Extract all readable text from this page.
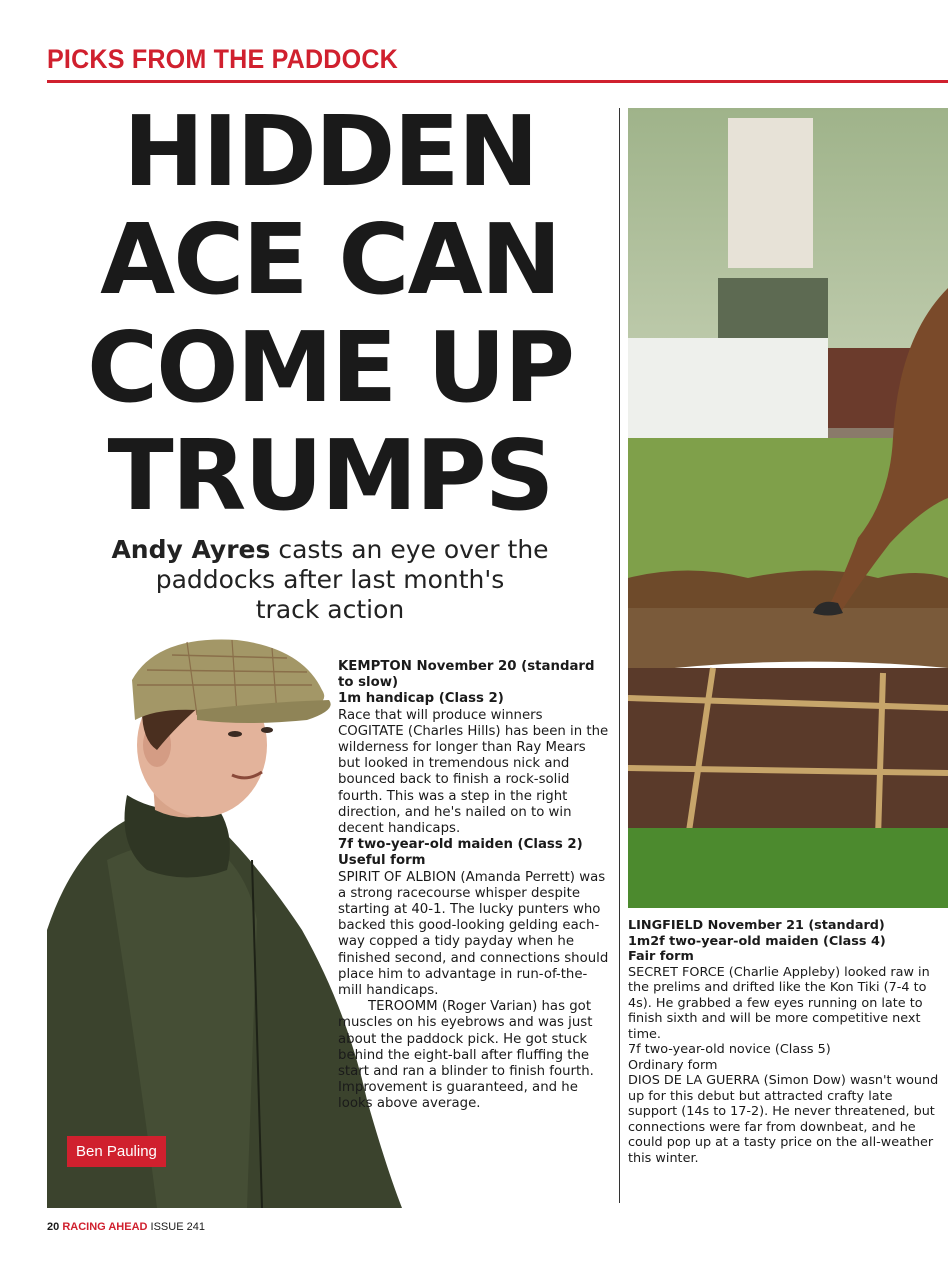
PICKS FROM THE PADDOCK
HIDDEN
ACE CAN
COME UP
TRUMPS
Andy Ayres casts an eye over the
paddocks after last month's
track action
Ben Pauling
KEMPTON November 20 (standard to slow)
1m handicap (Class 2)

Race that will produce winners

COGITATE (Charles Hills) has been in the wilderness for longer than Ray Mears but looked in tremendous nick and bounced back to finish a rock-solid fourth. This was a step in the right direction, and he's nailed on to win decent handicaps.

7f two-year-old maiden (Class 2)
Useful form

SPIRIT OF ALBION (Amanda Perrett) was a strong racecourse whisper despite starting at 40-1. The lucky punters who backed this good-looking gelding each-way copped a tidy payday when he finished second, and connections should place him to advantage in run-of-the-mill handicaps.

TEROOMM (Roger Varian) has got muscles on his eyebrows and was just about the paddock pick. He got stuck behind the eight-ball after fluffing the start and ran a blinder to finish fourth. Improvement is guaranteed, and he looks above average.

LINGFIELD November 21 (standard)
1m2f two-year-old maiden (Class 4)
Fair form

SECRET FORCE (Charlie Appleby) looked raw in the prelims and drifted like the Kon Tiki (7-4 to 4s). He grabbed a few eyes running on late to finish sixth and will be more competitive next time.

7f two-year-old novice (Class 5)

Ordinary form

DIOS DE LA GUERRA (Simon Dow) wasn't wound up for this debut but attracted crafty late support (14s to 17-2). He never threatened, but connections were far from downbeat, and he could pop up at a tasty price on the all-weather this winter.

20 RACING AHEAD ISSUE 241
